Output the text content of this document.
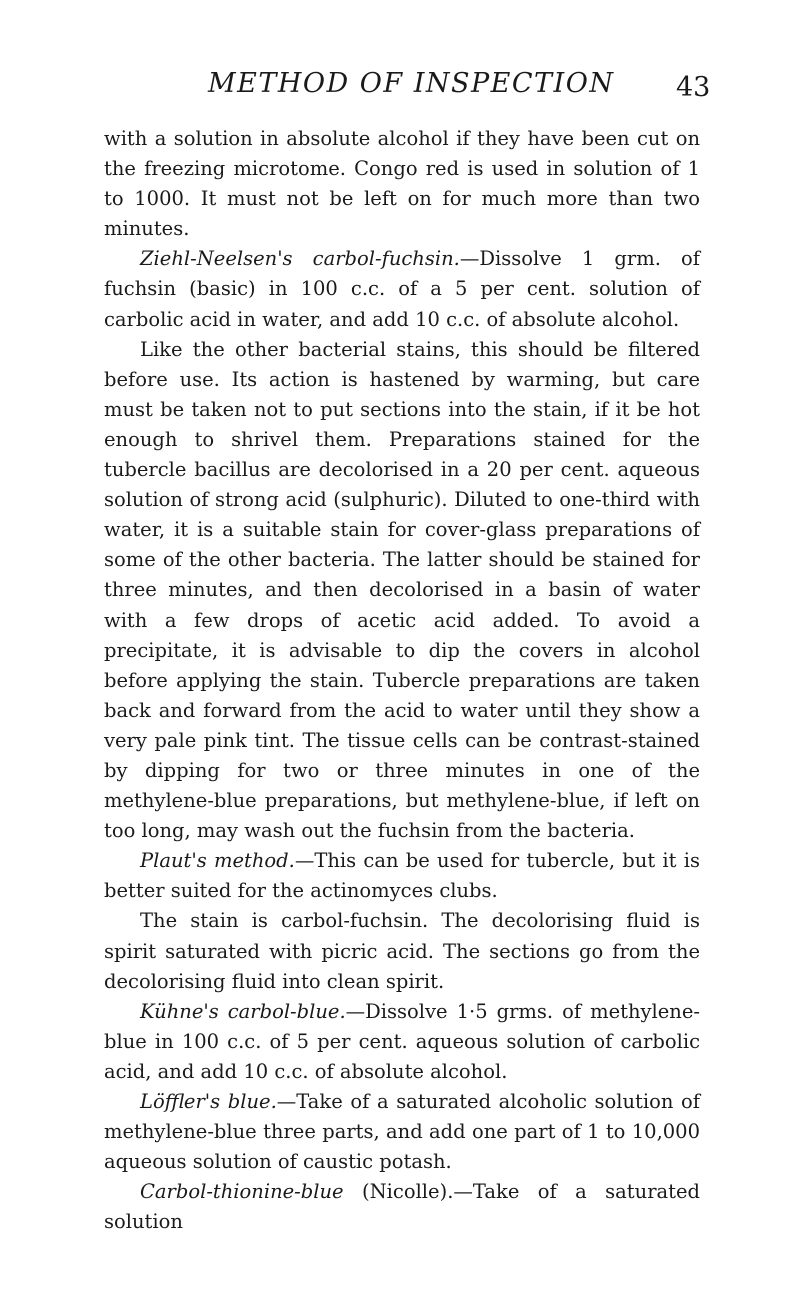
METHOD OF INSPECTION 43

with a solution in absolute alcohol if they have been cut on the freezing microtome. Congo red is used in solution of 1 to 1000. It must not be left on for much more than two minutes.

Ziehl-Neelsen's carbol-fuchsin.—Dissolve 1 grm. of fuchsin (basic) in 100 c.c. of a 5 per cent. solution of carbolic acid in water, and add 10 c.c. of absolute alcohol.

Like the other bacterial stains, this should be filtered before use. Its action is hastened by warming, but care must be taken not to put sections into the stain, if it be hot enough to shrivel them. Preparations stained for the tubercle bacillus are decolorised in a 20 per cent. aqueous solution of strong acid (sulphuric). Diluted to one-third with water, it is a suitable stain for cover-glass preparations of some of the other bacteria. The latter should be stained for three minutes, and then decolorised in a basin of water with a few drops of acetic acid added. To avoid a precipitate, it is advisable to dip the covers in alcohol before applying the stain. Tubercle preparations are taken back and forward from the acid to water until they show a very pale pink tint. The tissue cells can be contrast-stained by dipping for two or three minutes in one of the methylene-blue preparations, but methylene-blue, if left on too long, may wash out the fuchsin from the bacteria.

Plaut's method.—This can be used for tubercle, but it is better suited for the actinomyces clubs.

The stain is carbol-fuchsin. The decolorising fluid is spirit saturated with picric acid. The sections go from the decolorising fluid into clean spirit.

Kühne's carbol-blue.—Dissolve 1·5 grms. of methylene-blue in 100 c.c. of 5 per cent. aqueous solution of carbolic acid, and add 10 c.c. of absolute alcohol.

Löffler's blue.—Take of a saturated alcoholic solution of methylene-blue three parts, and add one part of 1 to 10,000 aqueous solution of caustic potash.

Carbol-thionine-blue (Nicolle).—Take of a saturated solution
